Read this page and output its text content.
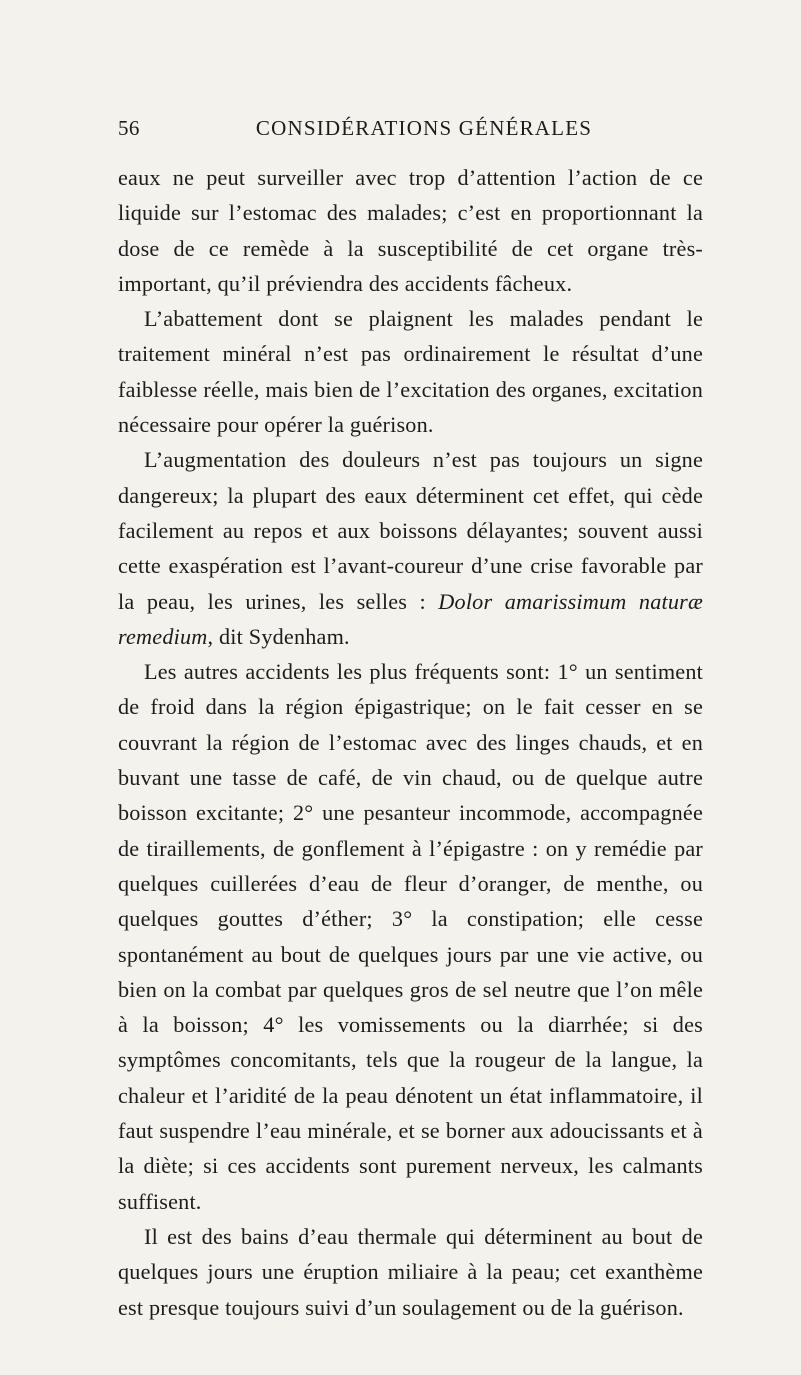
56	CONSIDÉRATIONS GÉNÉRALES

eaux ne peut surveiller avec trop d’attention l’action de ce liquide sur l’estomac des malades; c’est en proportionnant la dose de ce remède à la susceptibilité de cet organe très-important, qu’il préviendra des accidents fâcheux.

L’abattement dont se plaignent les malades pendant le traitement minéral n’est pas ordinairement le résultat d’une faiblesse réelle, mais bien de l’excitation des organes, excitation nécessaire pour opérer la guérison.

L’augmentation des douleurs n’est pas toujours un signe dangereux; la plupart des eaux déterminent cet effet, qui cède facilement au repos et aux boissons délayantes; souvent aussi cette exaspération est l’avant-coureur d’une crise favorable par la peau, les urines, les selles : Dolor amarissimum naturæ remedium, dit Sydenham.

Les autres accidents les plus fréquents sont: 1° un sentiment de froid dans la région épigastrique; on le fait cesser en se couvrant la région de l’estomac avec des linges chauds, et en buvant une tasse de café, de vin chaud, ou de quelque autre boisson excitante; 2° une pesanteur incommode, accompagnée de tiraillements, de gonflement à l’épigastre : on y remédie par quelques cuillerées d’eau de fleur d’oranger, de menthe, ou quelques gouttes d’éther; 3° la constipation; elle cesse spontanément au bout de quelques jours par une vie active, ou bien on la combat par quelques gros de sel neutre que l’on mêle à la boisson; 4° les vomissements ou la diarrhée; si des symptômes concomitants, tels que la rougeur de la langue, la chaleur et l’aridité de la peau dénotent un état inflammatoire, il faut suspendre l’eau minérale, et se borner aux adoucissants et à la diète; si ces accidents sont purement nerveux, les calmants suffisent.

Il est des bains d’eau thermale qui déterminent au bout de quelques jours une éruption miliaire à la peau; cet exanthème est presque toujours suivi d’un soulagement ou de la guérison.
